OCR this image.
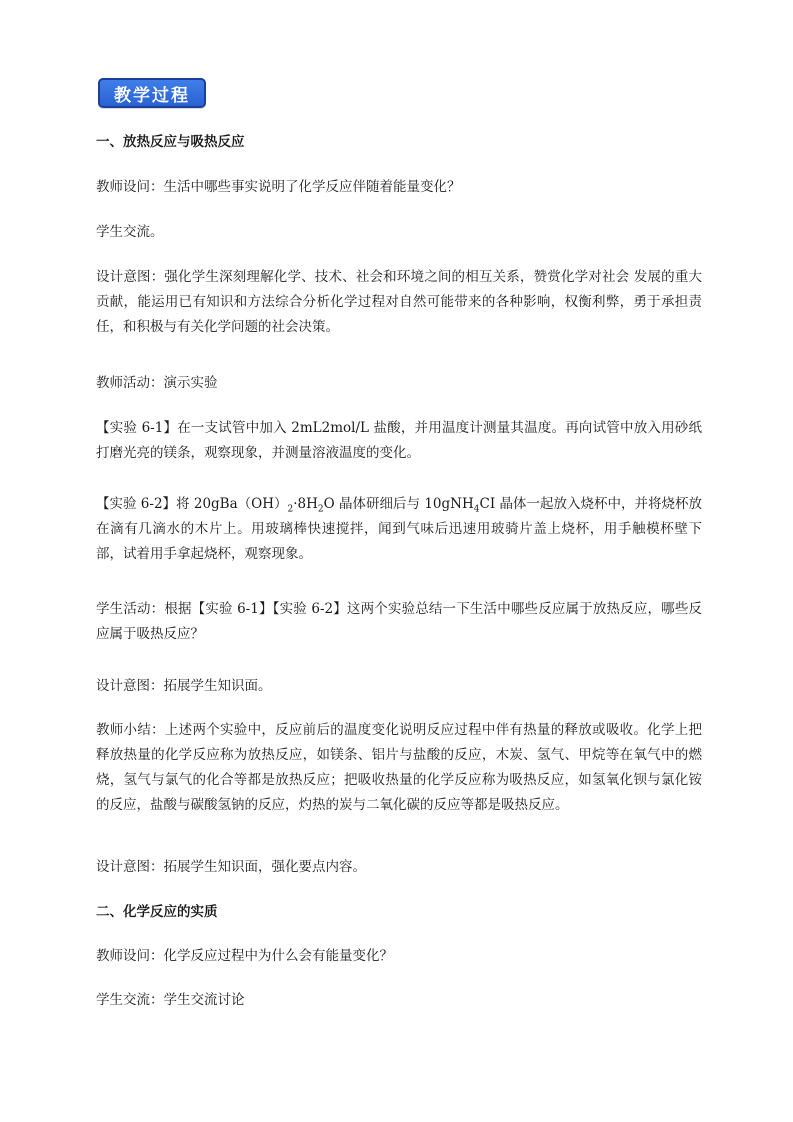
教学过程

一、放热反应与吸热反应

教师设问：生活中哪些事实说明了化学反应伴随着能量变化？

学生交流。

设计意图：强化学生深刻理解化学、技术、社会和环境之间的相互关系，赞赏化学对社会 发展的重大贡献，能运用已有知识和方法综合分析化学过程对自然可能带来的各种影响，权衡利弊，勇于承担责任，和积极与有关化学问题的社会决策。

教师活动：演示实验

【实验 6-1】在一支试管中加入 2mL2mol/L 盐酸，并用温度计测量其温度。再向试管中放入用砂纸打磨光亮的镁条，观察现象，并测量溶液温度的变化。

【实验 6-2】将 $20gBa(OH)_2\cdot 8H_2O$ 晶体研细后与 10gNH$_4$CI 晶体一起放入烧杯中，并将烧杯放在滴有几滴水的木片上。用玻璃棒快速搅拌，闻到气味后迅速用玻骑片盖上烧杯，用手触模杯壁下部，试着用手拿起烧杯，观察现象。

学生活动：根据【实验 6-1】【实验 6-2】这两个实验总结一下生活中哪些反应属于放热反应，哪些反应属于吸热反应？

设计意图：拓展学生知识面。

教师小结：上述两个实验中，反应前后的温度变化说明反应过程中伴有热量的释放或吸收。化学上把释放热量的化学反应称为放热反应，如镁条、铝片与盐酸的反应，木炭、氢气、甲烷等在氧气中的燃烧，氢气与氯气的化合等都是放热反应；把吸收热量的化学反应称为吸热反应，如氢氧化钡与氯化铵的反应，盐酸与碳酸氢钠的反应，灼热的炭与二氧化碳的反应等都是吸热反应。

设计意图：拓展学生知识面，强化要点内容。

二、化学反应的实质

教师设问：化学反应过程中为什么会有能量变化？

学生交流：学生交流讨论
